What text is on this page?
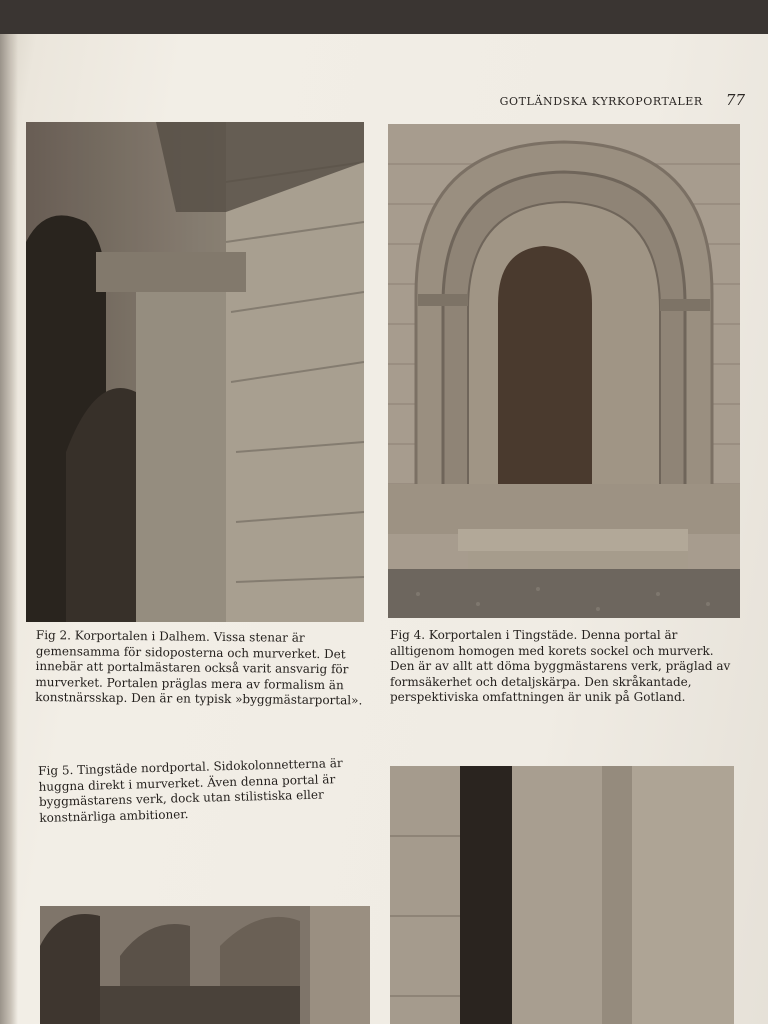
GOTLÄNDSKA KYRKOPORTALER 77
Fig 2. Korportalen i Dalhem. Vissa stenar är gemensamma för sidoposterna och murverket. Det innebär att portalmästaren också varit ansvarig för murverket. Portalen präglas mera av formalism än konstnärsskap. Den är en typisk »byggmästarportal».
Fig 4. Korportalen i Tingstäde. Denna portal är alltigenom homogen med korets sockel och murverk. Den är av allt att döma byggmästarens verk, präglad av formsäkerhet och detaljskärpa. Den skråkantade, perspektiviska omfattningen är unik på Gotland.
Fig 5. Tingstäde nordportal. Sidokolonnetterna är huggna direkt i murverket. Även denna portal är byggmästarens verk, dock utan stilistiska eller konstnärliga ambitioner.
